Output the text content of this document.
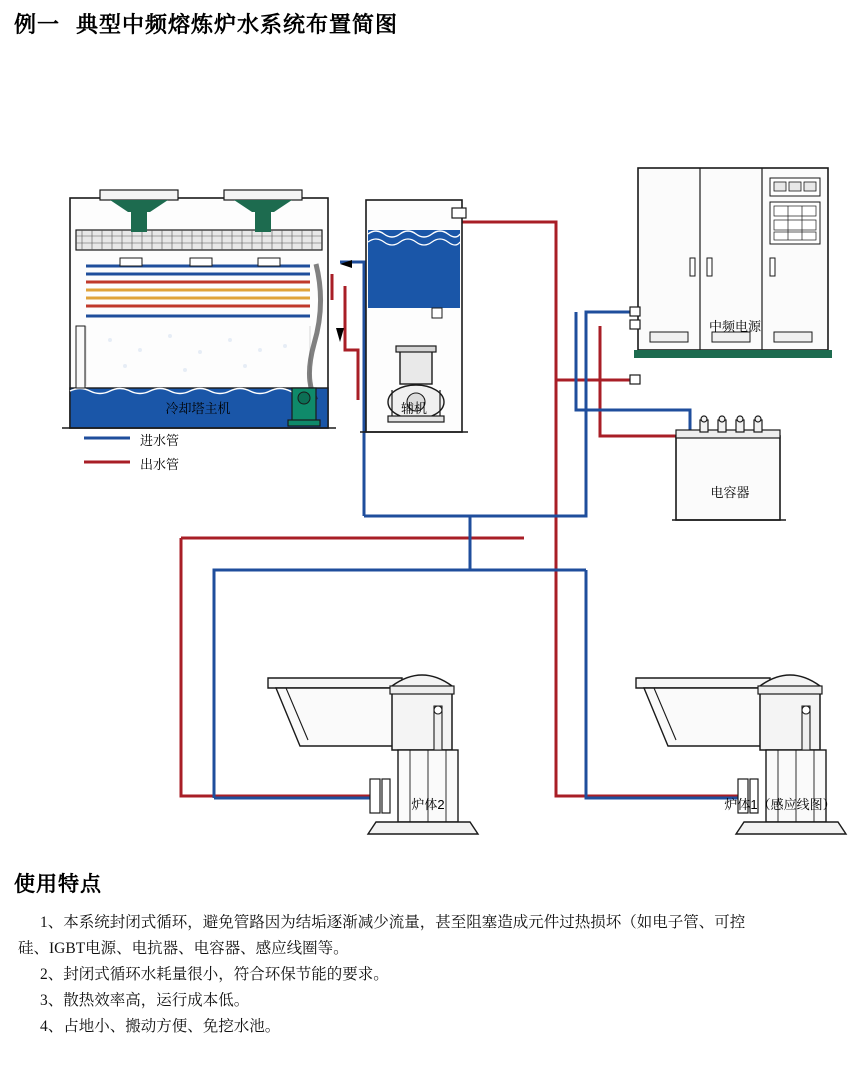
例一 典型中频熔炼炉水系统布置简图
冷却塔主机	辅机
中频电源
电容器
炉体2	炉体1（感应线图）
进水管
出水管
使用特点

1、本系统封闭式循环，避免管路因为结垢逐渐减少流量，甚至阻塞造成元件过热损坏（如电子管、可控

硅、IGBT电源、电抗器、电容器、感应线圈等。

2、封闭式循环水耗量很小，符合环保节能的要求。

3、散热效率高，运行成本低。

4、占地小、搬动方便、免挖水池。
